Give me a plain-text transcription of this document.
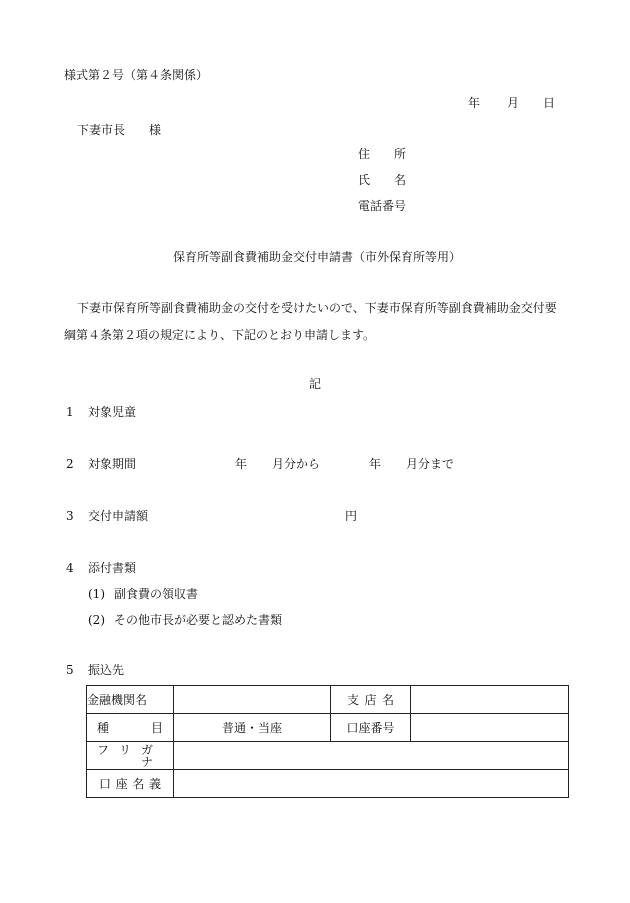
様式第２号（第４条関係）
年 月 日
下妻市長　　様
住 所
氏 名
電話番号
保育所等副食費補助金交付申請書（市外保育所等用）
下妻市保育所等副食費補助金の交付を受けたいので、下妻市保育所等副食費補助金交付要
綱第４条第２項の規定により、下記のとおり申請します。
記
1 対象児童
2 対象期間	年 月分から	年 月分まで
3 交付申請額	円
4 添付書類
(1) 副食費の領収書
(2) その他市長が必要と認めた書類
5 振込先
金融機関名		支 店 名	

種 目	普通・当座	口座番号	

フ リ ガナ			

口 座 名 義			
